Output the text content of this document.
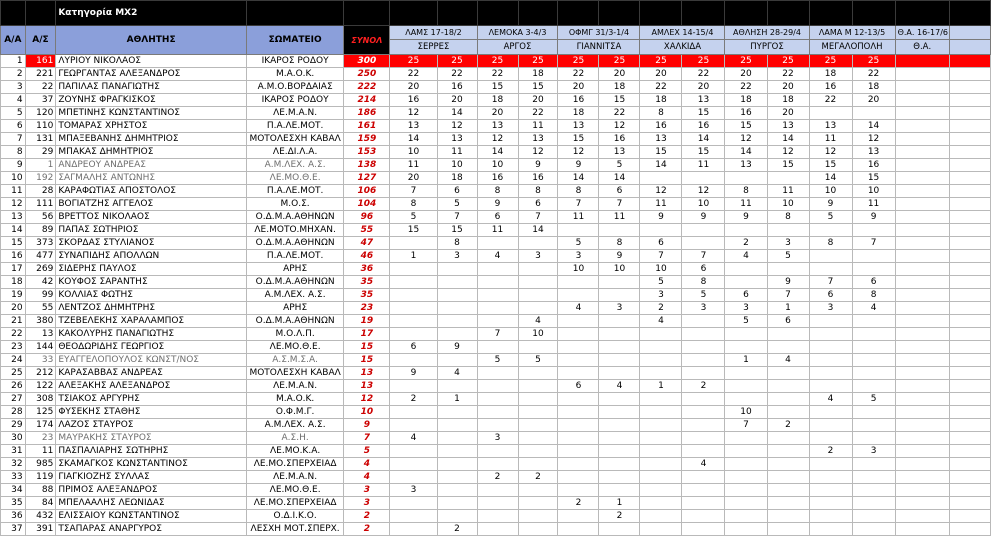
		Κατηγορία MX2																
Α/Α	Α/Σ	ΑΘΛΗΤΗΣ	ΣΩΜΑΤΕΙΟ	ΣΥΝΟΛ	ΛΑΜΣ 17-18/2		ΛΕΜΟΚΑ 3-4/3		ΟΦΜΓ 31/3-1/4		ΑΜΛΕΧ 14-15/4		ΑΘΛΗΣΗ 28-29/4		ΛΑΜΑ Μ 12-13/5		Θ.Α. 16-17/6	
					ΣΕΡΡΕΣ		ΑΡΓΟΣ		ΓΙΑΝΝΙΤΣΑ		ΧΑΛΚΙΔΑ		ΠΥΡΓΟΣ		ΜΕΓΑΛΟΠΟΛΗ		Θ.Α.	
1	161	ΛΥΡΙΟΥ ΝΙΚΟΛΑΟΣ	ΙΚΑΡΟΣ ΡΟΔΟΥ	300	25	25	25	25	25	25	25	25	25	25	25	25		
2	221	ΓΕΩΡΓΑΝΤΑΣ ΑΛΕΞΑΝΔΡΟΣ	Μ.Α.Ο.Κ.	250	22	22	22	18	22	20	20	22	20	22	18	22		
3	22	ΠΑΠΙΛΑΣ ΠΑΝΑΓΙΩΤΗΣ	Α.Μ.Ο.ΒΟΡΔΑΙΑΣ	222	20	16	15	15	20	18	22	20	22	20	16	18		
4	37	ΖΟΥΝΗΣ ΦΡΑΓΚΙΣΚΟΣ	ΙΚΑΡΟΣ ΡΟΔΟΥ	214	16	20	18	20	16	15	18	13	18	18	22	20		
5	120	ΜΠΕΤΙΝΗΣ ΚΩΝΣΤΑΝΤΙΝΟΣ	ΛΕ.Μ.Α.Ν.	186	12	14	20	22	18	22	8	15	16	20				
6	110	ΤΟΜΑΡΑΣ ΧΡΗΣΤΟΣ	Π.Α.ΛΕ.ΜΟΤ.	161	13	12	13	11	13	12	16	16	15	13	13	14		
7	131	ΜΠΑΞΕΒΑΝΗΣ ΔΗΜΗΤΡΙΟΣ	ΜΟΤΟΛΕΣΧΗ ΚΑΒΑΛ	159	14	13	12	13	15	16	13	14	12	14	11	12		
8	29	ΜΠΑΚΑΣ ΔΗΜΗΤΡΙΟΣ	ΛΕ.ΔΙ.Λ.Α.	153	10	11	14	12	12	13	15	15	14	12	12	13		
9	1	ΑΝΔΡΕΟΥ ΑΝΔΡΕΑΣ	Α.Μ.ΛΕΧ. Α.Σ.	138	11	10	10	9	9	5	14	11	13	15	15	16		
10	192	ΣΑΓΜΑΛΗΣ ΑΝΤΩΝΗΣ	ΛΕ.ΜΟ.Θ.Ε.	127	20	18	16	16	14	14					14	15		
11	28	ΚΑΡΑΦΩΤΙΑΣ ΑΠΟΣΤΟΛΟΣ	Π.Α.ΛΕ.ΜΟΤ.	106	7	6	8	8	8	6	12	12	8	11	10	10		
12	111	ΒΟΓΙΑΤΖΗΣ ΑΓΓΕΛΟΣ	Μ.Ο.Σ.	104	8	5	9	6	7	7	11	10	11	10	9	11		
13	56	ΒΡΕΤΤΟΣ ΝΙΚΟΛΑΟΣ	Ο.Δ.Μ.Α.ΑΘΗΝΩΝ	96	5	7	6	7	11	11	9	9	9	8	5	9		
14	89	ΠΑΠΑΣ ΣΩΤΗΡΙΟΣ	ΛΕ.ΜΟΤΟ.ΜΗΧΑΝ.	55	15	15	11	14										
15	373	ΣΚΟΡΔΑΣ ΣΤΥΛΙΑΝΟΣ	Ο.Δ.Μ.Α.ΑΘΗΝΩΝ	47		8			5	8	6		2	3	8	7		
16	477	ΣΥΝΑΠΙΔΗΣ ΑΠΟΛΛΩΝ	Π.Α.ΛΕ.ΜΟΤ.	46	1	3	4	3	3	9	7	7	4	5				
17	269	ΣΙΔΕΡΗΣ ΠΑΥΛΟΣ	ΑΡΗΣ	36					10	10	10	6						
18	42	ΚΟΥΦΟΣ ΣΑΡΑΝΤΗΣ	Ο.Δ.Μ.Α.ΑΘΗΝΩΝ	35							5	8		9	7	6		
19	99	ΚΟΛΛΙΑΣ ΦΩΤΗΣ	Α.Μ.ΛΕΧ. Α.Σ.	35							3	5	6	7	6	8		
20	55	ΛΕΝΤΖΟΣ ΔΗΜΗΤΡΗΣ	ΑΡΗΣ	23					4	3	2	3	3	1	3	4		
21	380	ΤΖΕΒΕΛΕΚΗΣ ΧΑΡΑΛΑΜΠΟΣ	Ο.Δ.Μ.Α.ΑΘΗΝΩΝ	19				4			4		5	6				
22	13	ΚΑΚΟΛΥΡΗΣ ΠΑΝΑΓΙΩΤΗΣ	Μ.Ο.Λ.Π.	17			7	10										
23	144	ΘΕΟΔΩΡΙΔΗΣ ΓΕΩΡΓΙΟΣ	ΛΕ.ΜΟ.Θ.Ε.	15	6	9												
24	33	ΕΥΑΓΓΕΛΟΠΟΥΛΟΣ ΚΩΝΣΤ/ΝΟΣ	Α.Σ.Μ.Σ.Α.	15			5	5					1	4				
25	212	ΚΑΡΑΣΑΒΒΑΣ ΑΝΔΡΕΑΣ	ΜΟΤΟΛΕΣΧΗ ΚΑΒΑΛ	13	9	4												
26	122	ΑΛΕΞΑΚΗΣ ΑΛΕΞΑΝΔΡΟΣ	ΛΕ.Μ.Α.Ν.	13					6	4	1	2						
27	308	ΤΣΙΑΚΟΣ ΑΡΓΥΡΗΣ	Μ.Α.Ο.Κ.	12	2	1									4	5		
28	125	ΦΥΣΕΚΗΣ ΣΤΑΘΗΣ	Ο.Φ.Μ.Γ.	10									10					
29	174	ΛΑΖΟΣ ΣΤΑΥΡΟΣ	Α.Μ.ΛΕΧ. Α.Σ.	9									7	2				
30	23	ΜΑΥΡΑΚΗΣ ΣΤΑΥΡΟΣ	Α.Σ.Η.	7	4		3											
31	11	ΠΑΣΠΑΛΙΑΡΗΣ ΣΩΤΗΡΗΣ	ΛΕ.ΜΟ.Κ.Α.	5											2	3		
32	985	ΣΚΑΜΑΓΚΟΣ ΚΩΝΣΤΑΝΤΙΝΟΣ	ΛΕ.ΜΟ.ΣΠΕΡΧΕΙΑΔ	4								4						
33	119	ΓΙΑΓΚΙΟΖΗΣ ΣΥΛΛΑΣ	ΛΕ.Μ.Α.Ν.	4			2	2										
34	88	ΠΡΙΜΟΣ ΑΛΕΞΑΝΔΡΟΣ	ΛΕ.ΜΟ.Θ.Ε.	3	3													
35	84	ΜΠΕΛΑΑΛΗΣ ΛΕΩΝΙΔΑΣ	ΛΕ.ΜΟ.ΣΠΕΡΧΕΙΑΔ	3					2	1								
36	432	ΕΛΙΣΣΑΙΟΥ ΚΩΝΣΤΑΝΤΙΝΟΣ	Ο.Δ.Ι.Κ.Ο.	2						2								
37	391	ΤΣΑΠΑΡΑΣ ΑΝΑΡΓΥΡΟΣ	ΛΕΣΧΗ ΜΟΤ.ΣΠΕΡΧ.	2		2												
